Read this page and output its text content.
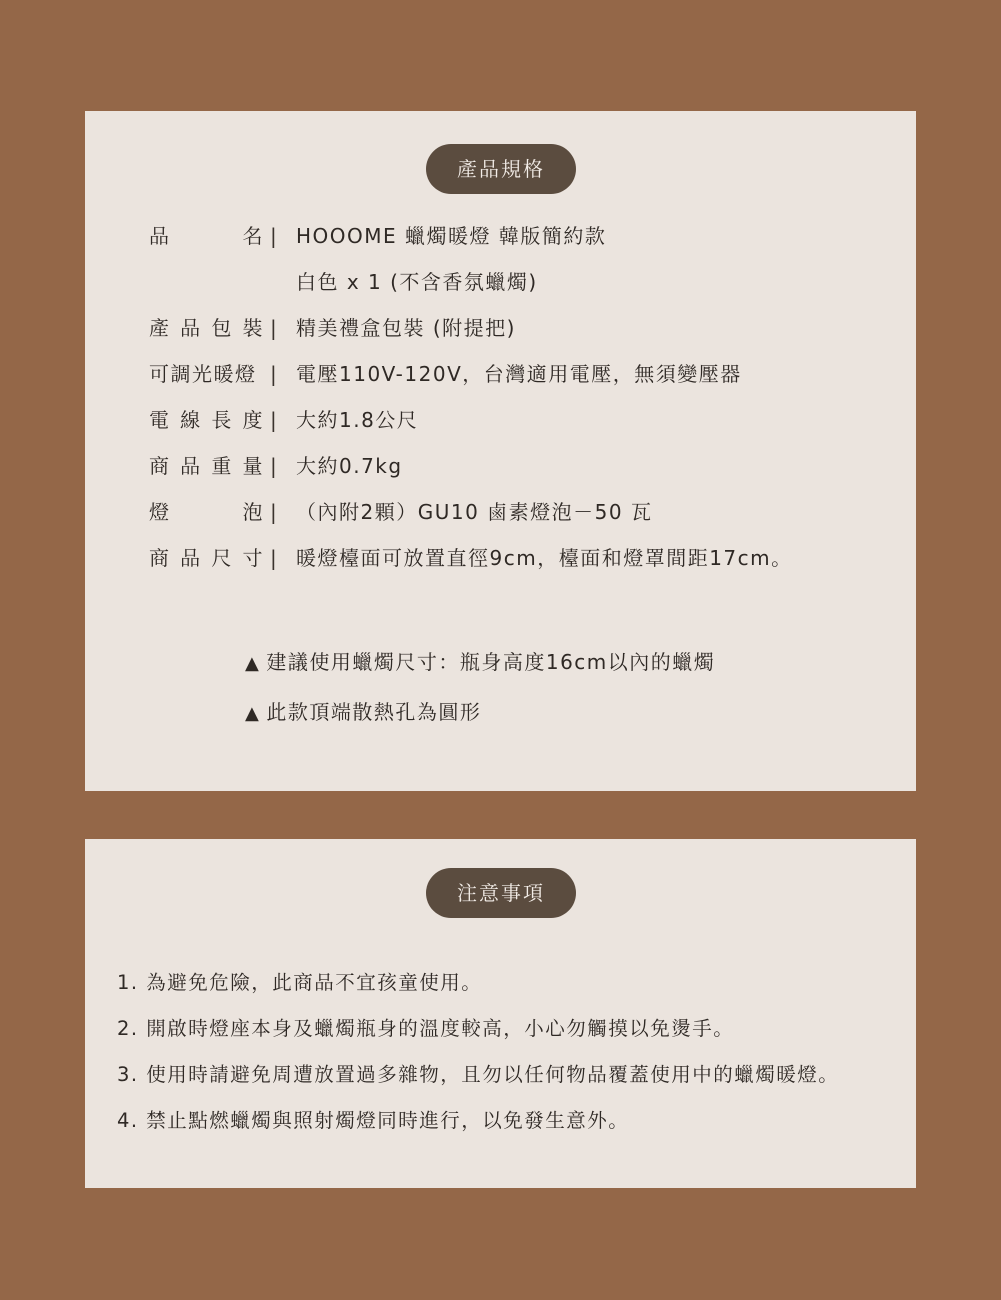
產品規格
品	名 | HOOOME 蠟燭暖燈 韓版簡約款
白色 x 1 (不含香氛蠟燭)
產 品 包 裝 | 精美禮盒包裝 (附提把)
可調光暖燈 | 電壓110V-120V，台灣適用電壓，無須變壓器
電 線 長 度 | 大約1.8公尺
商 品 重 量 | 大約0.7kg
燈	泡 | （內附2顆）GU10 鹵素燈泡－50 瓦
商 品 尺 寸 | 暖燈檯面可放置直徑9cm，檯面和燈罩間距17cm。
▲ 建議使用蠟燭尺寸：瓶身高度16cm以內的蠟燭
▲ 此款頂端散熱孔為圓形
注意事項
1. 為避免危險，此商品不宜孩童使用。
2. 開啟時燈座本身及蠟燭瓶身的溫度較高，小心勿觸摸以免燙手。
3. 使用時請避免周遭放置過多雜物，且勿以任何物品覆蓋使用中的蠟燭暖燈。
4. 禁止點燃蠟燭與照射燭燈同時進行，以免發生意外。
